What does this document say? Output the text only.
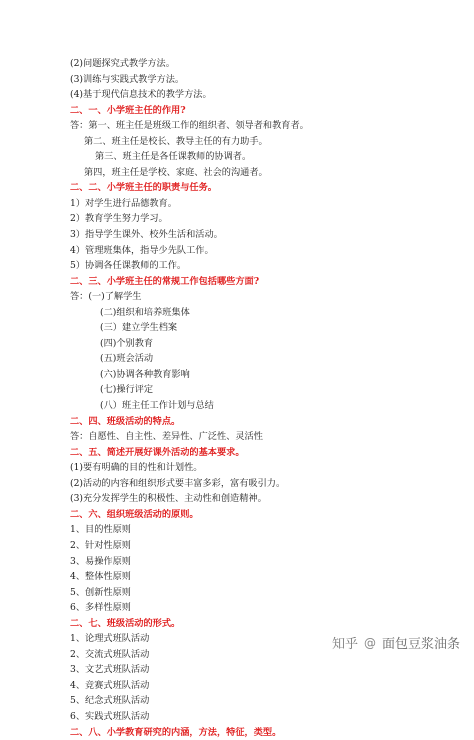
(2)问题探究式教学方法。
(3)训练与实践式教学方法。
(4)基于现代信息技术的教学方法。
二、一、小学班主任的作用?
答：第一、班主任是班级工作的组织者、领导者和教育者。
第二、班主任是校长、教导主任的有力助手。
第三、班主任是各任课教师的协调者。
第四，班主任是学校、家庭、社会的沟通者。
二、二、小学班主任的职责与任务。
1）对学生进行品德教育。
2）教育学生努力学习。
3）指导学生课外、校外生活和活动。
4）管理班集体，指导少先队工作。
5）协调各任课教师的工作。
二、三、小学班主任的常规工作包括哪些方面?
答：(一)了解学生
(二)组织和培养班集体
(三）建立学生档案
(四)个别教育
(五)班会活动
(六)协调各种教育影响
(七)操行评定
(八）班主任工作计划与总结
二、四、班级活动的特点。
答：自愿性、自主性、差异性、广泛性、灵活性
二、五、简述开展好课外活动的基本要求。
(1)要有明确的目的性和计划性。
(2)活动的内容和组织形式要丰富多彩，富有吸引力。
(3)充分发挥学生的积极性、主动性和创造精神。
二、六、组织班级活动的原则。
1、目的性原则
2、针对性原则
3、易操作原则
4、整体性原则
5、创新性原则
6、多样性原则
二、七、班级活动的形式。
1、论理式班队活动
2、交流式班队活动
3、文艺式班队活动
4、竞赛式班队活动
5、纪念式班队活动
6、实践式班队活动
二、八、小学教育研究的内涵，方法，特征，类型。
知乎 @ 面包豆浆油条
